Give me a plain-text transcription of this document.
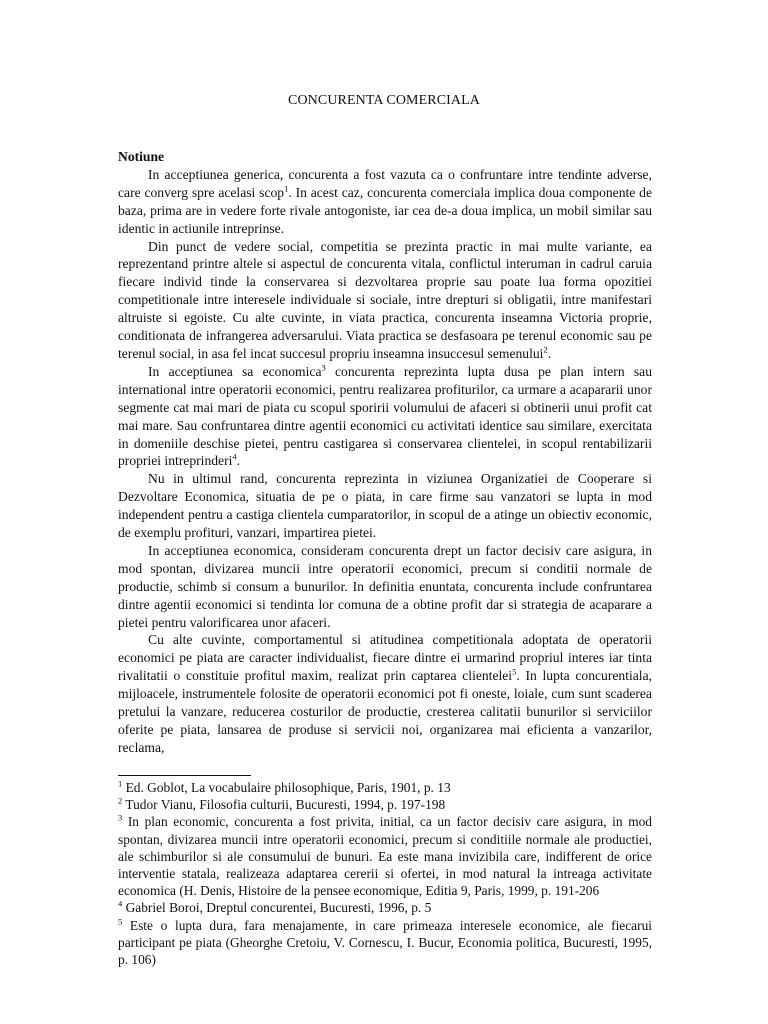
CONCURENTA COMERCIALA

Notiune

In acceptiunea generica, concurenta a fost vazuta ca o confruntare intre tendinte adverse, care converg spre acelasi scop$^1$. In acest caz, concurenta comerciala implica doua componente de baza, prima are in vedere forte rivale antogoniste, iar cea de-a doua implica, un mobil similar sau identic in actiunile intreprinse.

Din punct de vedere social, competitia se prezinta practic in mai multe variante, ea reprezentand printre altele si aspectul de concurenta vitala, conflictul interuman in cadrul caruia fiecare individ tinde la conservarea si dezvoltarea proprie sau poate lua forma opozitiei competitionale intre interesele individuale si sociale, intre drepturi si obligatii, intre manifestari altruiste si egoiste. Cu alte cuvinte, in viata practica, concurenta inseamna Victoria proprie, conditionata de infrangerea adversarului. Viata practica se desfasoara pe terenul economic sau pe terenul social, in asa fel incat succesul propriu inseamna insuccesul semenului$^2$.

In acceptiunea sa economica$^3$ concurenta reprezinta lupta dusa pe plan intern sau international intre operatorii economici, pentru realizarea profiturilor, ca urmare a acapararii unor segmente cat mai mari de piata cu scopul sporirii volumului de afaceri si obtinerii unui profit cat mai mare. Sau confruntarea dintre agentii economici cu activitati identice sau similare, exercitata in domeniile deschise pietei, pentru castigarea si conservarea clientelei, in scopul rentabilizarii propriei intreprinderi$^4$.

Nu in ultimul rand, concurenta reprezinta in viziunea Organizatiei de Cooperare si Dezvoltare Economica, situatia de pe o piata, in care firme sau vanzatori se lupta in mod independent pentru a castiga clientela cumparatorilor, in scopul de a atinge un obiectiv economic, de exemplu profituri, vanzari, impartirea pietei.

In acceptiunea economica, consideram concurenta drept un factor decisiv care asigura, in mod spontan, divizarea muncii intre operatorii economici, precum si conditii normale de productie, schimb si consum a bunurilor. In definitia enuntata, concurenta include confruntarea dintre agentii economici si tendinta lor comuna de a obtine profit dar si strategia de acaparare a pietei pentru valorificarea unor afaceri.

Cu alte cuvinte, comportamentul si atitudinea competitionala adoptata de operatorii economici pe piata are caracter individualist, fiecare dintre ei urmarind propriul interes iar tinta rivalitatii o constituie profitul maxim, realizat prin captarea clientelei$^5$. In lupta concurentiala, mijloacele, instrumentele folosite de operatorii economici pot fi oneste, loiale, cum sunt scaderea pretului la vanzare, reducerea costurilor de productie, cresterea calitatii bunurilor si serviciilor oferite pe piata, lansarea de produse si servicii noi, organizarea mai eficienta a vanzarilor, reclama,

$^1$ Ed. Goblot, La vocabulaire philosophique, Paris, 1901, p. 13

$^2$ Tudor Vianu, Filosofia culturii, Bucuresti, 1994, p. 197-198

$^3$ In plan economic, concurenta a fost privita, initial, ca un factor decisiv care asigura, in mod spontan, divizarea muncii intre operatorii economici, precum si conditiile normale ale productiei, ale schimburilor si ale consumului de bunuri. Ea este mana invizibila care, indifferent de orice interventie statala, realizeaza adaptarea cererii si ofertei, in mod natural la intreaga activitate economica (H. Denis, Histoire de la pensee economique, Editia 9, Paris, 1999, p. 191-206

$^4$ Gabriel Boroi, Dreptul concurentei, Bucuresti, 1996, p. 5

$^5$ Este o lupta dura, fara menajamente, in care primeaza interesele economice, ale fiecarui participant pe piata (Gheorghe Cretoiu, V. Cornescu, I. Bucur, Economia politica, Bucuresti, 1995, p. 106)
